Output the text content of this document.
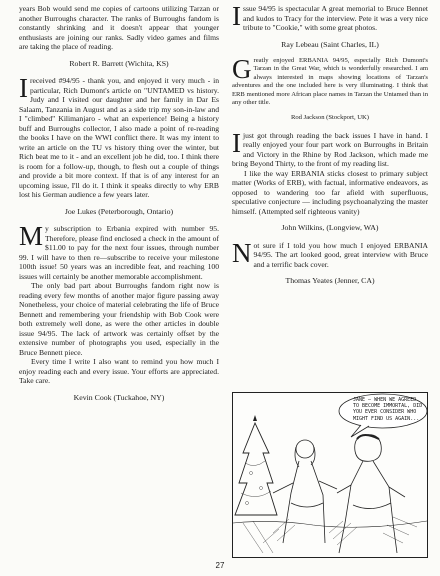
years Bob would send me copies of cartoons utilizing Tarzan or another Burroughs character. The ranks of Burroughs fandom is constantly shrinking and it doesn't appear that younger enthusiasts are joining our ranks. Sadly video games and films are taking the place of reading.

Robert R. Barrett (Wichita, KS)

I received #94/95 - thank you, and enjoyed it very much - in particular, Rich Dumont's article on "UNTAMED vs history. Judy and I visited our daughter and her family in Dar Es Salaam, Tanzania in August and as a side trip my son-in-law and I "climbed" Kilimanjaro - what an experience! Being a history buff and Burroughs collector, I also made a point of re-reading the books I have on the WWI conflict there. It was my intent to write an article on the TU vs history thing over the winter, but Rich beat me to it - and an excellent job he did, too. I think there is room for a follow-up, though, to flesh out a couple of things and provide a bit more context. If that is of any interest for an upcoming issue, I'll do it. I think it speaks directly to why ERB lost his German audience a few years later.

Joe Lukes (Peterborough, Ontario)

M y subscription to Erbania expired with number 95. Therefore, please find enclosed a check in the amount of $11.00 to pay for the next four issues, through number 99. I will have to then re—subscribe to receive your milestone 100th issue! 50 years was an incredible feat, and reaching 100 issues will certainly be another memorable accomplishment.

The only bad part about Burroughs fandom right now is reading every few months of another major figure passing away Nonetheless, your choice of material celebrating the life of Bruce Bennett and remembering your friendship with Bob Cook were both extremely well done, as were the other articles in double issue 94/95. The lack of artwork was certainly offset by the extensive number of photographs you used, especially in the Bruce Bennett piece.

Every time I write I also want to remind you how much I enjoy reading each and every issue. Your efforts are appreciated. Take care.

Kevin Cook (Tuckahoe, NY)

I ssue 94/95 is spectacular A great memorial to Bruce Bennet and kudos to Tracy for the interview. Pete it was a very nice tribute to "Cookie," with some great photos.

Ray Lebeau (Saint Charles, IL)

G reatly enjoyed ERBANIA 94/95, especially Rich Dumont's Tarzan in the Great War, which is wonderfully researched. I am always interested in maps showing locations of Tarzan's adventures and the one included here is very illuminating. I think that ERB mentioned more African place names in Tarzan the Untamed than in any other title.

Rod Jackson (Stockport, UK)

I just got through reading the back issues I have in hand. I really enjoyed your four part work on Burroughs in Britain and Victory in the Rhine by Rod Jackson, which made me bring Beyond Thirty, to the front of my reading list.

I like the way ERBANIA sticks closest to primary subject matter (Works of ERB), with factual, informative endeavors, as opposed to wandering too far afield with superfluous, speculative conjecture — including psychoanalyzing the master himself. (Attempted self righteous vanity)

John Wilkins, (Longview, WA)

N ot sure if I told you how much I enjoyed ERBANIA 94/95. The art looked good, great interview with Bruce and a terrific back cover.

Thomas Yeates (Jenner, CA)

JANE — WHEN WE AGREED TO BECOME IMMORTAL, DID YOU EVER CONSIDER WHO MIGHT FIND US AGAIN...
27
